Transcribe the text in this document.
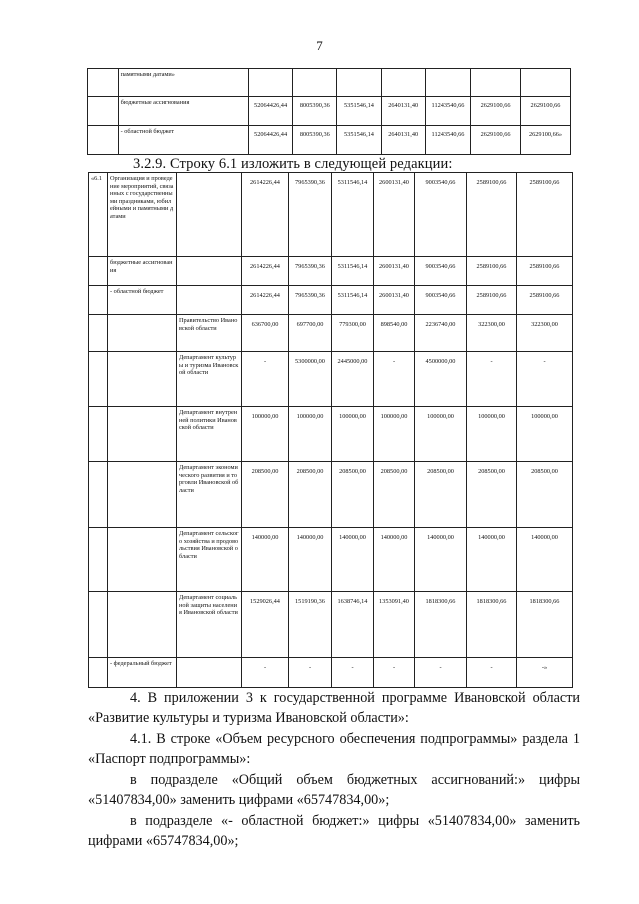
7
	памятными датами»							
	бюджетные ассигнования	52064426,44	8005390,36	5351546,14	2640131,40	11243540,66	2629100,66	2629100,66
	- областной бюджет	52064426,44	8005390,36	5351546,14	2640131,40	11243540,66	2629100,66	2629100,66»
3.2.9. Строку 6.1 изложить в следующей редакции:
«6.1	Организация и проведение мероприятий, связанных с государственными праздниками, юбилейными и памятными датами		2614226,44	7965390,36	5311546,14	2600131,40	9003540,66	2589100,66	2589100,66
	бюджетные ассигнования		2614226,44	7965390,36	5311546,14	2600131,40	9003540,66	2589100,66	2589100,66
	- областной бюджет		2614226,44	7965390,36	5311546,14	2600131,40	9003540,66	2589100,66	2589100,66
		Правительство Ивановской области	636700,00	697700,00	779300,00	898540,00	2236740,00	322300,00	322300,00
		Департамент культуры и туризма Ивановской области	-	5300000,00	2445000,00	-	4500000,00	-	-
		Департамент внутренней политики Ивановской области	100000,00	100000,00	100000,00	100000,00	100000,00	100000,00	100000,00
		Департамент экономического развития и торговли Ивановской области	208500,00	208500,00	208500,00	208500,00	208500,00	208500,00	208500,00
		Департамент сельского хозяйства и продовольствия Ивановской области	140000,00	140000,00	140000,00	140000,00	140000,00	140000,00	140000,00
		Департамент социальной защиты населения Ивановской области	1529026,44	1519190,36	1638746,14	1353091,40	1818300,66	1818300,66	1818300,66
	- федеральный бюджет		-	-	-	-	-	-	-»
4. В приложении 3 к государственной программе Ивановской области «Развитие культуры и туризма Ивановской области»:
4.1. В строке «Объем ресурсного обеспечения подпрограммы» раздела 1 «Паспорт подпрограммы»:
в подразделе «Общий объем бюджетных ассигнований:» цифры «51407834,00» заменить цифрами «65747834,00»;
в подразделе «- областной бюджет:» цифры «51407834,00» заменить цифрами «65747834,00»;
